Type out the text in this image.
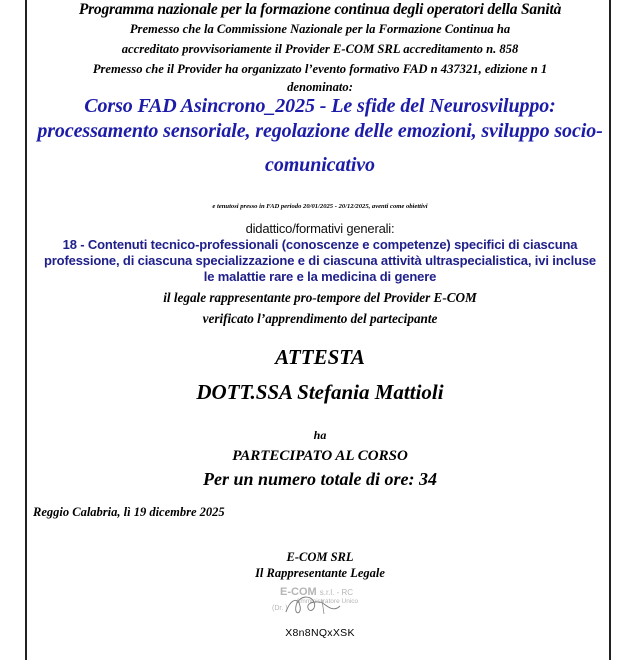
Programma nazionale per la formazione continua degli operatori della Sanità
Premesso che la Commissione Nazionale per la Formazione Continua ha
accreditato provvisoriamente il Provider E-COM SRL accreditamento n. 858
Premesso che il Provider ha organizzato l’evento formativo FAD n 437321, edizione n 1
denominato:
Corso FAD Asincrono_2025 - Le sfide del Neurosviluppo:
processamento sensoriale, regolazione delle emozioni, sviluppo socio-
comunicativo
e tenutosi presso in FAD periodo 20/01/2025 - 20/12/2025, aventi come obiettivi
didattico/formativi generali:
18 - Contenuti tecnico-professionali (conoscenze e competenze) specifici di ciascuna
professione, di ciascuna specializzazione e di ciascuna attività ultraspecialistica, ivi incluse
le malattie rare e la medicina di genere
il legale rappresentante pro-tempore del Provider E-COM
verificato l’apprendimento del partecipante
ATTESTA
DOTT.SSA Stefania Mattioli
ha
PARTECIPATO AL CORSO
Per un numero totale di ore: 34
Reggio Calabria, lì 19 dicembre 2025
E-COM SRL
Il Rappresentante Legale
E-COM s.r.l. - RC
Amministratore Unico
(Dr. )
X8n8NQxXSK
